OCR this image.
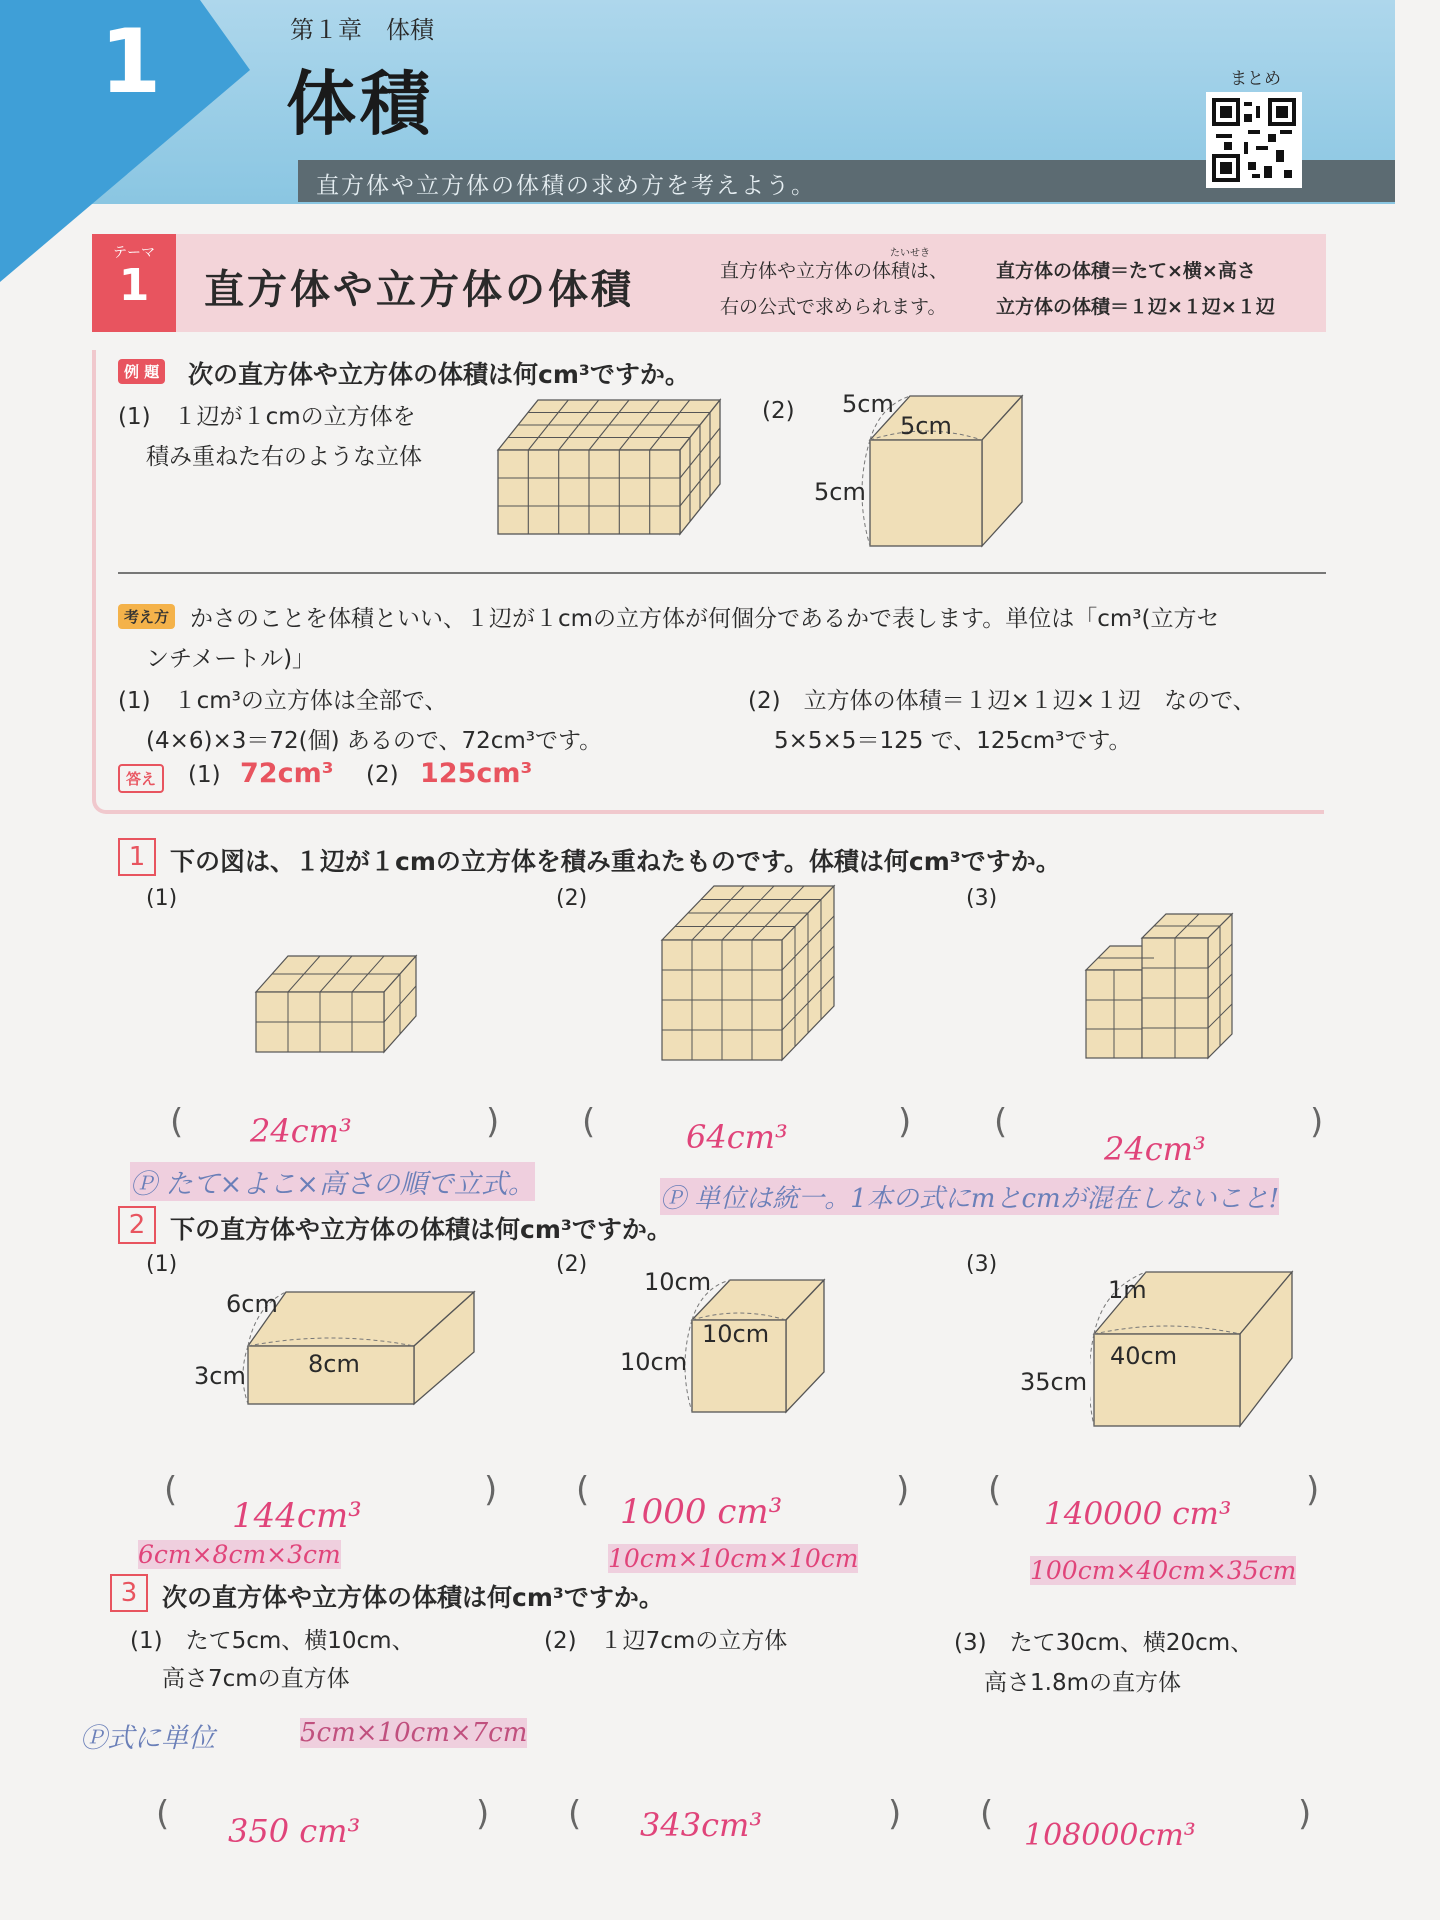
1	第１章　体積
体積
直方体や立方体の体積の求め方を考えよう。
まとめ
テーマ
1	直方体や立方体の体積
たいせき
直方体や立方体の体積は、
右の公式で求められます。
直方体の体積＝たて×横×高さ
立方体の体積＝１辺×１辺×１辺
例 題 次の直方体や立方体の体積は何cm³ですか。
(1)　１辺が１cmの立方体を
積み重ねた右のような立体
(2) 5cm
5cm
5cm
考え方 かさのことを体積といい、１辺が１cmの立方体が何個分であるかで表します。単位は「cm³(立方セ
ンチメートル)」
(1)　１cm³の立方体は全部で、
(4×6)×3＝72(個) あるので、72cm³です。
(2)　立方体の体積＝１辺×１辺×１辺　なので、
5×5×5＝125 で、125cm³です。
答え	(1) 72cm³ (2) 125cm³
1 下の図は、１辺が１cmの立方体を積み重ねたものです。体積は何cm³ですか。
(1)	(2)	(3)
(	) (	) (	)
24cm³	64cm³	24cm³
Ⓟ たて×よこ×高さの順で立式。	Ⓟ 単位は統一。1本の式にmとcmが混在しないこと!
2 下の直方体や立方体の体積は何cm³ですか。
(1)	(2)	(3)
6cm
3cm	8cm
10cm
10cm
10cm
1m
40cm
35cm
(	) (	) (	)
144cm³	1000 cm³	140000 cm³
6cm×8cm×3cm	10cm×10cm×10cm	100cm×40cm×35cm
3 次の直方体や立方体の体積は何cm³ですか。
(1)　たて5cm、横10cm、
高さ7cmの直方体
(2)　１辺7cmの立方体	(3)　たて30cm、横20cm、
高さ1.8mの直方体
Ⓟ式に単位	5cm×10cm×7cm
(	) (	) (	)
350 cm³	343cm³	108000cm³
